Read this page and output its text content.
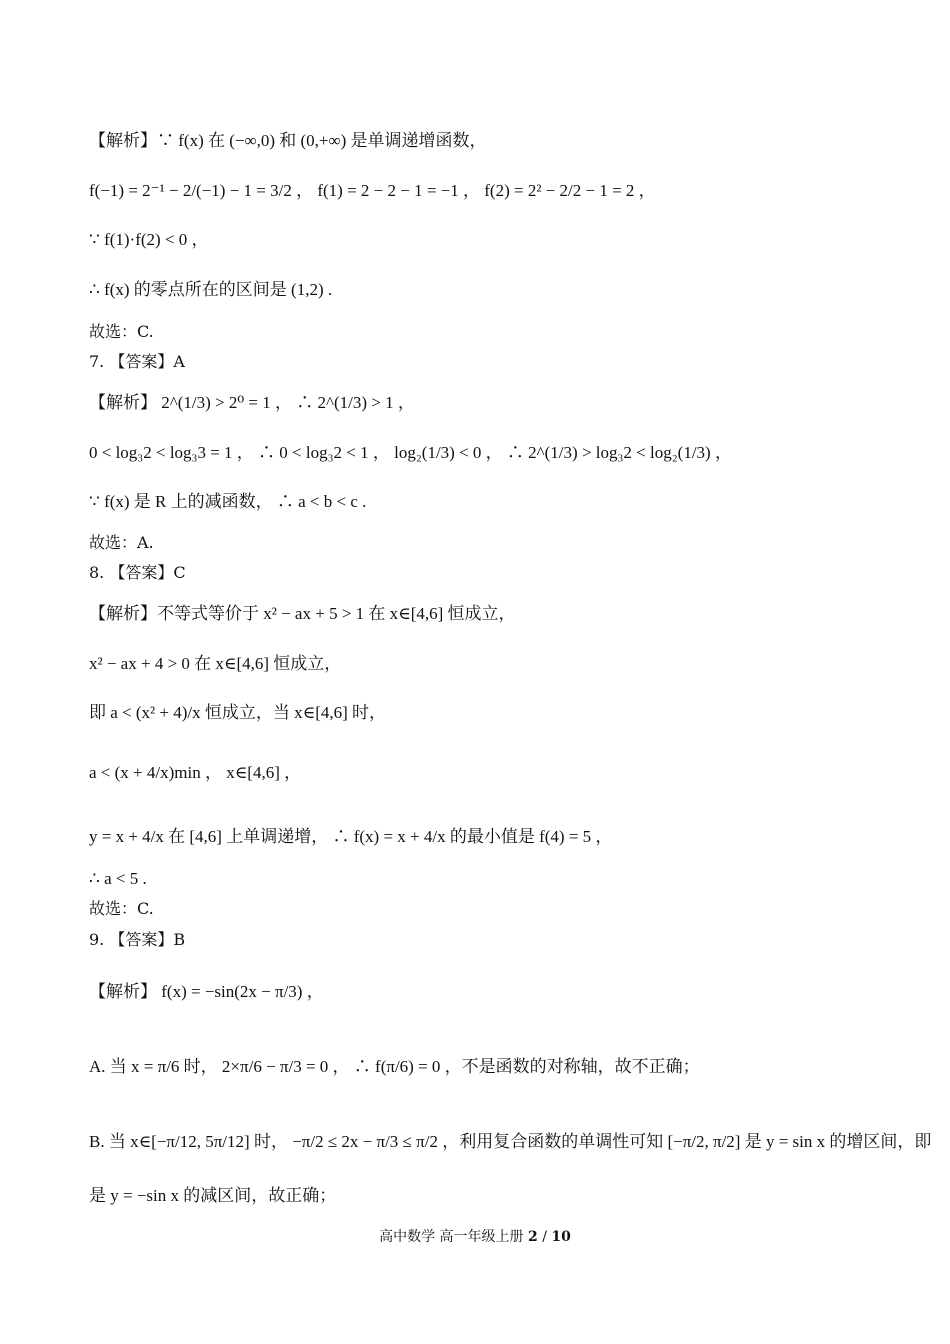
【解析】∵ f(x) 在 (−∞,0) 和 (0,+∞) 是单调递增函数，
f(−1) = 2⁻¹ − 2/(−1) − 1 = 3/2 ， f(1) = 2 − 2 − 1 = −1 ， f(2) = 2² − 2/2 − 1 = 2 ，
∵ f(1)·f(2) < 0 ，
∴ f(x) 的零点所在的区间是 (1,2) .
故选：C.
7. 【答案】A
【解析】 2^(1/3) > 2⁰ = 1 ， ∴ 2^(1/3) > 1 ，
0 < log₃2 < log₃3 = 1 ， ∴ 0 < log₃2 < 1 ， log₂(1/3) < 0 ， ∴ 2^(1/3) > log₃2 < log₂(1/3) ，
∵ f(x) 是 R 上的减函数， ∴ a < b < c .
故选：A.
8. 【答案】C
【解析】不等式等价于 x² − ax + 5 > 1 在 x∈[4,6] 恒成立，
x² − ax + 4 > 0 在 x∈[4,6] 恒成立，
即 a < (x² + 4)/x 恒成立，当 x∈[4,6] 时，
a < (x + 4/x)min ， x∈[4,6] ，
y = x + 4/x 在 [4,6] 上单调递增， ∴ f(x) = x + 4/x 的最小值是 f(4) = 5 ，
∴ a < 5 .
故选：C.
9. 【答案】B
【解析】 f(x) = −sin(2x − π/3) ，
A. 当 x = π/6 时， 2×π/6 − π/3 = 0 ， ∴ f(π/6) = 0 ，不是函数的对称轴，故不正确；
B. 当 x∈[−π/12, 5π/12] 时， −π/2 ≤ 2x − π/3 ≤ π/2 ，利用复合函数的单调性可知 [−π/2, π/2] 是 y = sin x 的增区间，即
是 y = −sin x 的减区间，故正确；
高中数学 高一年级上册 2 / 10
